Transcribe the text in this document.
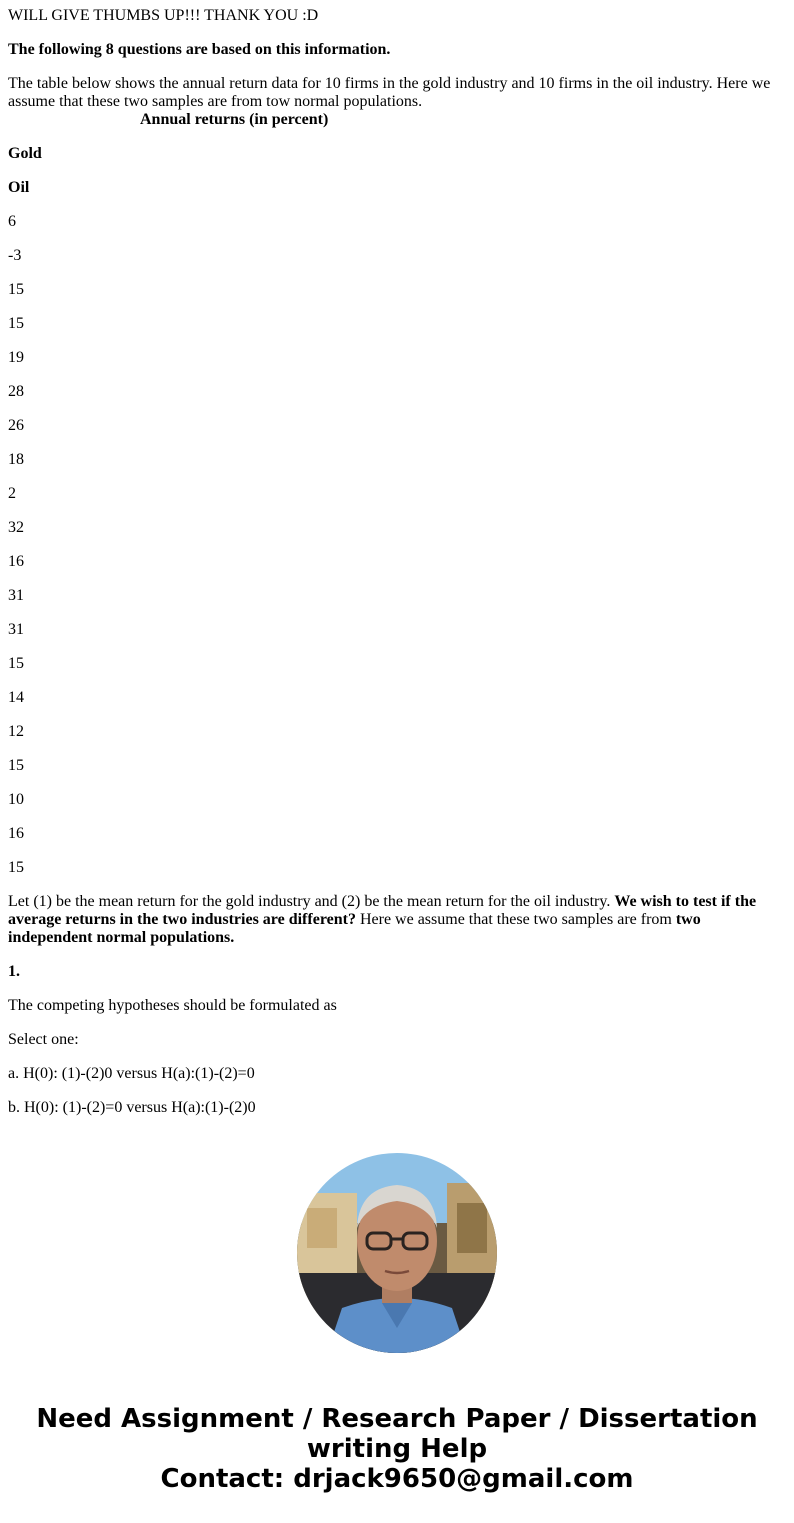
WILL GIVE THUMBS UP!!! THANK YOU :D

The following 8 questions are based on this information.

The table below shows the annual return data for 10 firms in the gold industry and 10 firms in the oil industry. Here we assume that these two samples are from tow normal populations.

Annual returns (in percent)

Gold

Oil

6

-3

15

15

19

28

26

18

2

32

16

31

31

15

14

12

15

10

16

15

Let (1) be the mean return for the gold industry and (2) be the mean return for the oil industry. We wish to test if the average returns in the two industries are different? Here we assume that these two samples are from two independent normal populations.

1.

The competing hypotheses should be formulated as

Select one:

a. H(0): (1)-(2)0 versus H(a):(1)-(2)=0

b. H(0): (1)-(2)=0 versus H(a):(1)-(2)0

Need Assignment / Research Paper / Dissertation
writing Help
Contact: drjack9650@gmail.com
